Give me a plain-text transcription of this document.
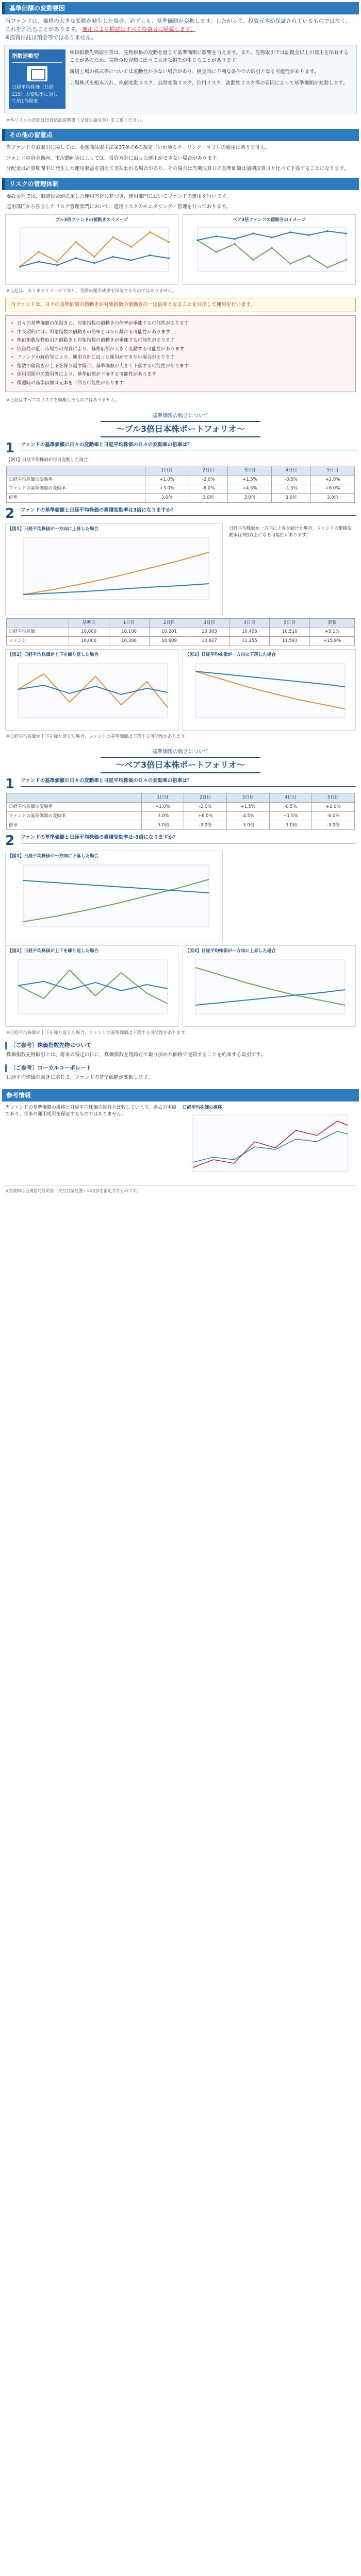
基準価額の変動要因
当ファンドは、価格の大きな変動が発生した場合、必ずしも、基準価額が変動します。したがって、投資元本が保証されているものではなく、これを割込むことがあります。 運用による損益はすべて投資者に帰属します。
※投資信託は預金等ではありません。
指数連動型
日経平均株価（日経225）の変動率に対して約1倍程度

株価指数先物取引等は、先物価格の変動を通じて基準価額に影響を与えます。また、先物取引では証拠金以上の建玉を保有することがあるため、実際の投資額に比べて大きな損失が生じることがあります。

新規上場の株式等については流動性が少ない場合があり、換金時に不利な条件での取引となる可能性があります。

上場株式を組み入れ、株価変動リスク、為替変動リスク、信用リスク、流動性リスク等の要因によって基準価額が変動します。

※各リスクの詳細は投資信託説明書（交付目論見書）をご覧ください。
その他の留意点
当ファンドのお取引に関しては、金融商品取引法第37条の6の規定（いわゆるクーリング・オフ）の適用はありません。
ファンドの資金動向、市況動向等によっては、投資方針に沿った運用ができない場合があります。
分配金は計算期間中に発生した運用収益を超えて支払われる場合があり、その場合は当期決算日の基準価額は前期決算日と比べて下落することになります。
リスクの管理体制
委託会社では、取締役会が決定した運用方針に基づき、運用部門においてファンドの運用を行います。
運用部門から独立したリスク管理部門において、運用リスクのモニタリング・管理を行っております。
ブル3倍ファンドの値動きのイメージ	ベア3倍ファンドの値動きのイメージ
※上記は、あくまでイメージであり、実際の運用成果を保証するものではありません。
当ファンドは、日々の基準価額の値動きが対象指数の値動きの一定倍率となることを目指して運用を行います。
• 日々の基準価額の値動きと、対象指数の値動きの倍率が乖離する可能性があります
• 中長期的には、対象指数の値動きの倍率とはかけ離れる可能性があります
• 株価指数先物取引の値動きと対象指数の値動きが乖離する可能性があります
• 流動性の低い市場での売買により、基準価額が大きく変動する可能性があります
• ファンドの解約等により、運用方針に沿った運用ができない場合があります
• 指数の値動きが上下を繰り返す場合、基準価額が大きく下落する可能性があります
• 運用期間中の費用等により、基準価額が下落する可能性があります
• 償還時の基準価額は元本を下回る可能性があります
※上記はすべてのリスクを網羅したものではありません。
基準価額の動きについて
～ブル3倍日本株ポートフォリオ～
1	ファンドの基準価額の日々の変動率と日経平均株価の日々の変動率の倍率は？
【例1】日経平均株価が毎日変動した場合
	1日目	2日目	3日目	4日目	5日目
日経平均株価の変動率	+1.0%	-2.0%	+1.5%	-0.5%	+2.0%
ファンドの基準価額の変動率	+3.0%	-6.0%	+4.5%	-1.5%	+6.0%
倍率	3.0倍	3.0倍	3.0倍	3.0倍	3.0倍
2	ファンドの基準価額と日経平均株価の累積変動率は3倍になりますか？
【図1】日経平均株価が一方向に上昇した場合	日経平均株価が一方向に上昇を続けた場合、ファンドの累積変動率は3倍以上になる可能性があります。
	基準日	1日目	2日目	3日目	4日目	5日目	累積
日経平均株価	10,000	10,100	10,201	10,303	10,406	10,510	+5.1%
ファンド	10,000	10,300	10,609	10,927	11,255	11,593	+15.9%
【図2】日経平均株価が上下を繰り返した場合	【図3】日経平均株価が一方向に下落した場合
※日経平均株価が上下を繰り返した場合、ファンドの基準価額は下落する可能性があります。
基準価額の動きについて
～ベア3倍日本株ポートフォリオ～
1	ファンドの基準価額の日々の変動率と日経平均株価の日々の変動率の倍率は？
	1日目	2日目	3日目	4日目	5日目
日経平均株価の変動率	+1.0%	-2.0%	+1.5%	-0.5%	+2.0%
ファンドの基準価額の変動率	-3.0%	+6.0%	-4.5%	+1.5%	-6.0%
倍率	-3.0倍	-3.0倍	-3.0倍	-3.0倍	-3.0倍
2	ファンドの基準価額と日経平均株価の累積変動率は-3倍になりますか？
【図1】日経平均株価が一方向に下落した場合
【図2】日経平均株価が上下を繰り返した場合	【図3】日経平均株価が一方向に上昇した場合
※日経平均株価が上下を繰り返した場合、ファンドの基準価額は下落する可能性があります。
〔ご参考〕株価指数先物について
株価指数先物取引とは、将来の特定の日に、株価指数を現時点で取り決めた価格で売買することを約束する取引です。
〔ご参考〕ローカルコーポレート
日経平均株価の動きに応じて、ファンドの基準価額が変動します。
参考情報
当ファンドの基準価額の推移と日経平均株価の推移を比較しています。過去の実績であり、将来の運用成果を保証するものではありません。
日経平均株価の推移
※当資料は投資信託説明書（交付目論見書）の内容を補足するものです。
